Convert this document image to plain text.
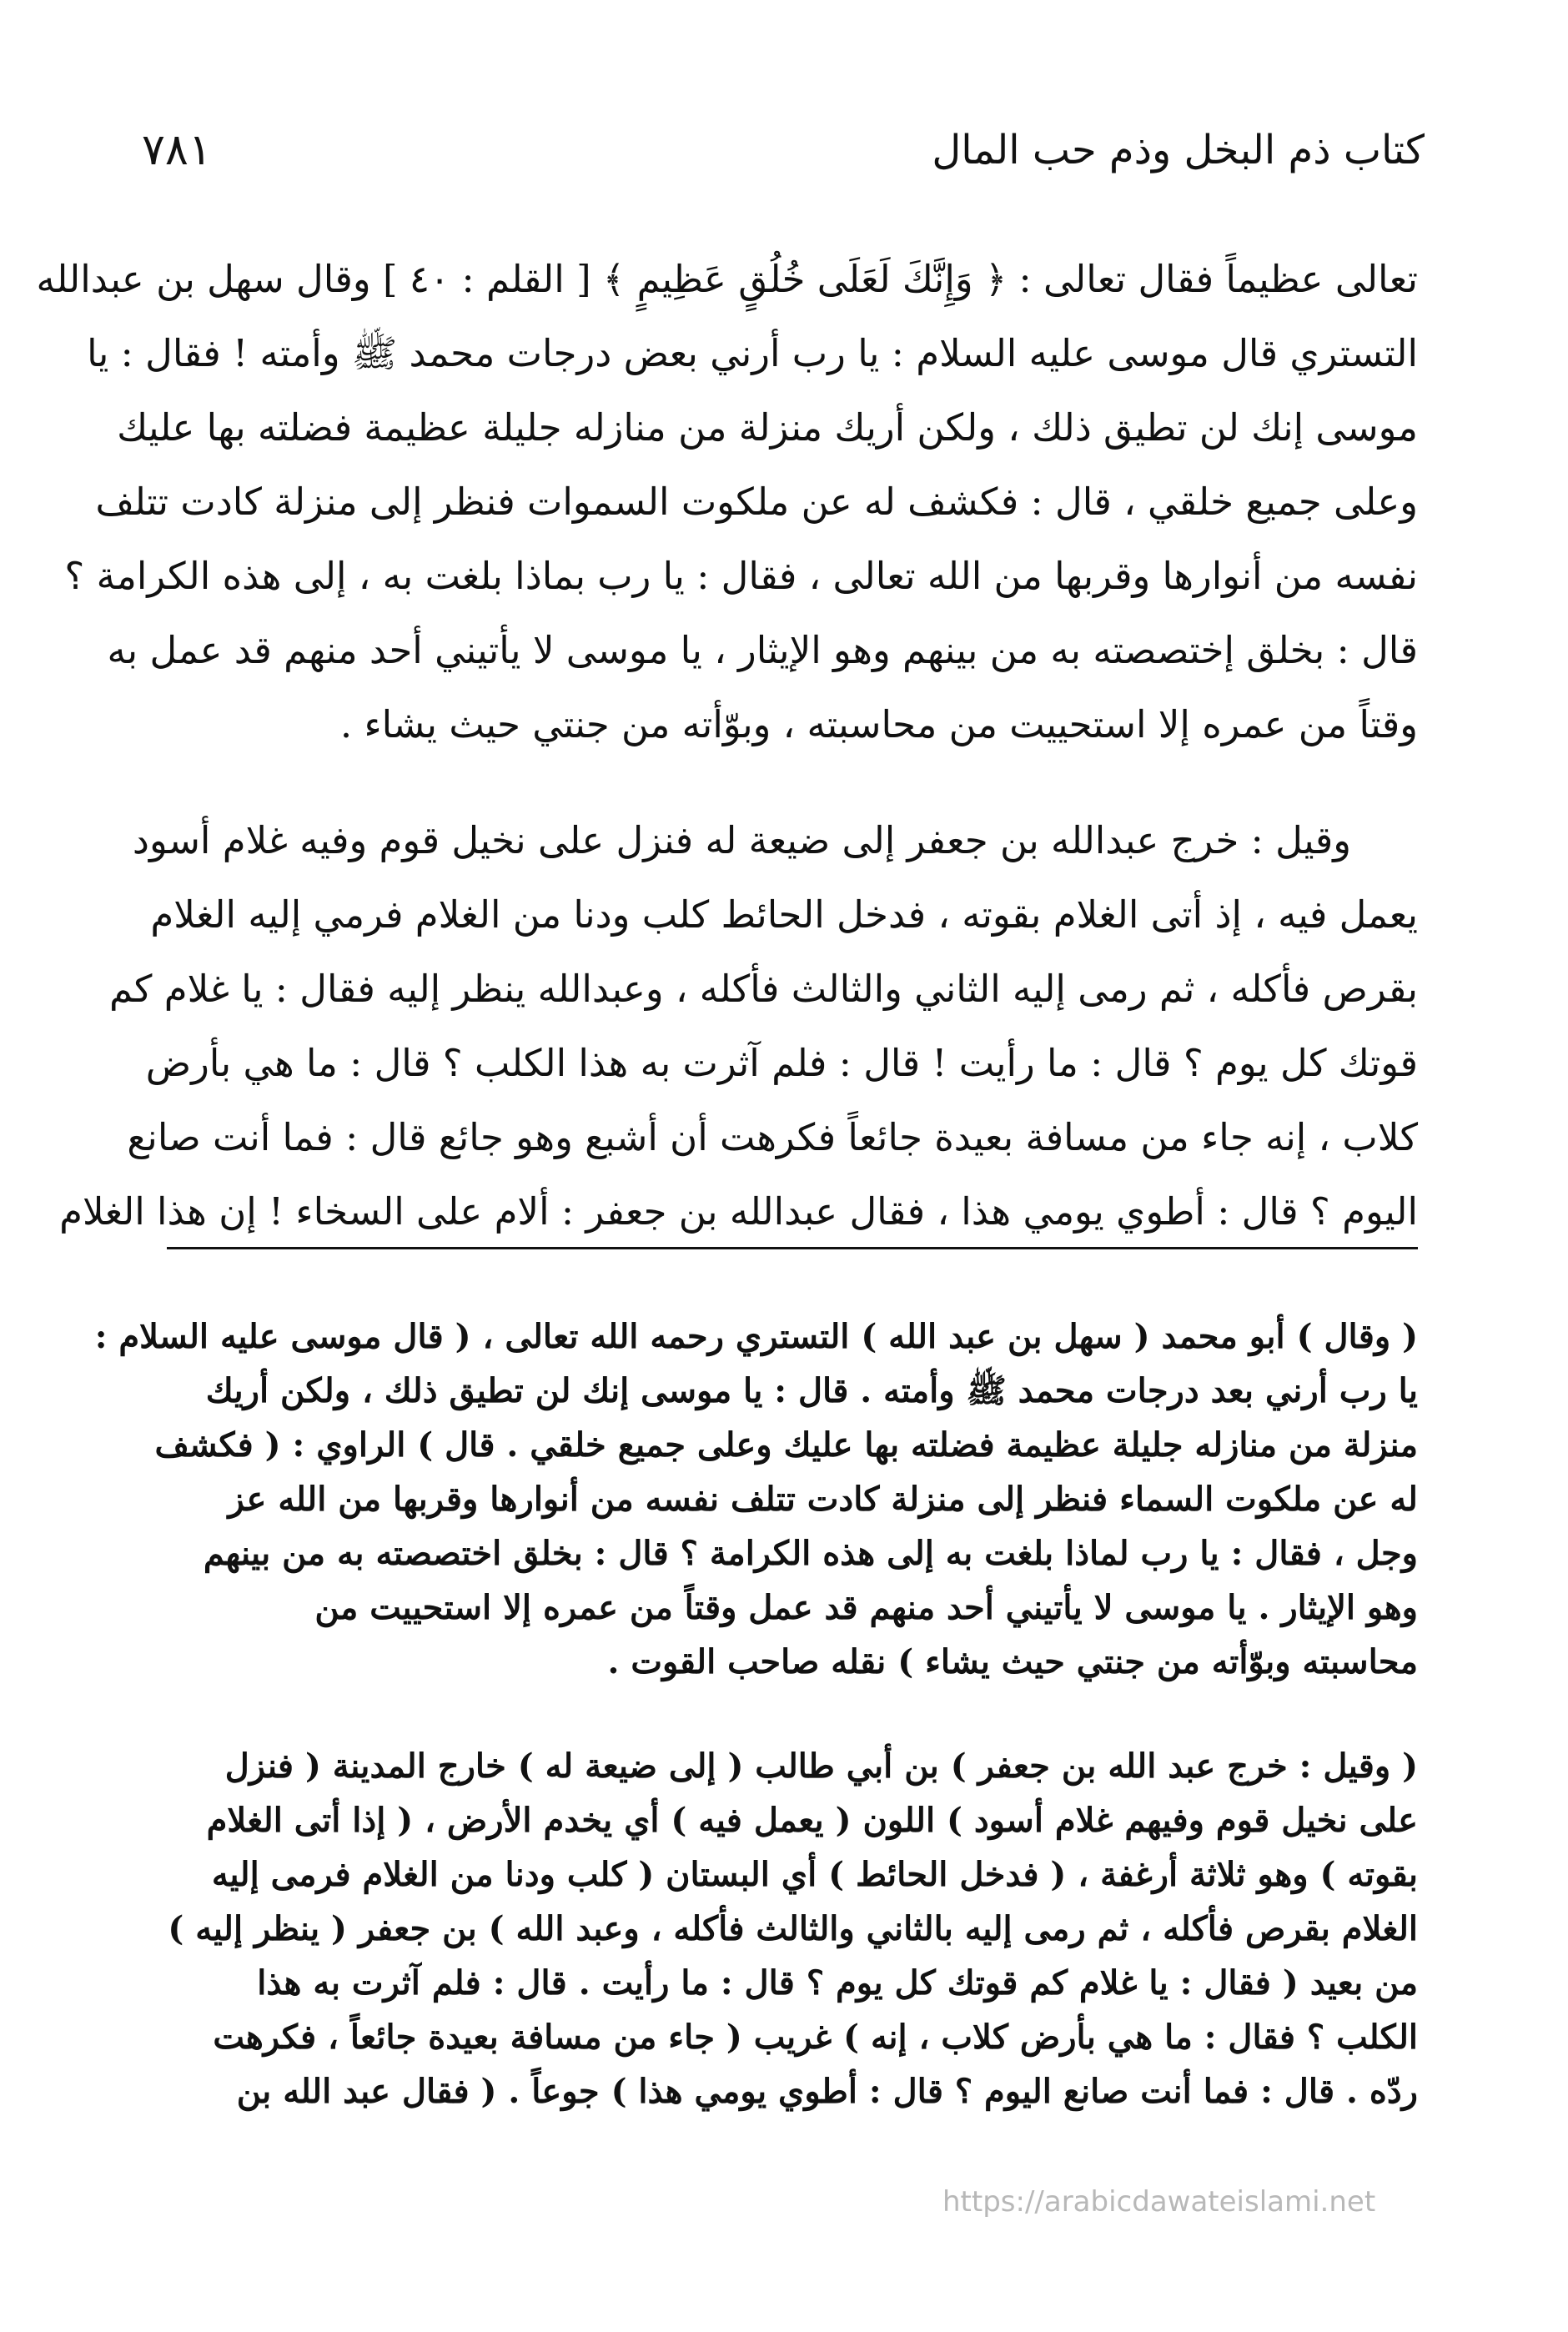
كتاب ذم البخل وذم حب المال
٧٨١
تعالى عظيماً فقال تعالى : ﴿ وَإِنَّكَ لَعَلَى خُلُقٍ عَظِيمٍ ﴾ [ القلم : ٤٠ ] وقال سهل بن عبدالله
التستري قال موسى عليه السلام : يا رب أرني بعض درجات محمد ﷺ وأمته ! فقال : يا
موسى إنك لن تطيق ذلك ، ولكن أريك منزلة من منازله جليلة عظيمة فضلته بها عليك
وعلى جميع خلقي ، قال : فكشف له عن ملكوت السموات فنظر إلى منزلة كادت تتلف
نفسه من أنوارها وقربها من الله تعالى ، فقال : يا رب بماذا بلغت به ، إلى هذه الكرامة ؟
قال : بخلق إختصصته به من بينهم وهو الإيثار ، يا موسى لا يأتيني أحد منهم قد عمل به
وقتاً من عمره إلا استحييت من محاسبته ، وبوّأته من جنتي حيث يشاء .
وقيل : خرج عبدالله بن جعفر إلى ضيعة له فنزل على نخيل قوم وفيه غلام أسود
يعمل فيه ، إذ أتى الغلام بقوته ، فدخل الحائط كلب ودنا من الغلام فرمي إليه الغلام
بقرص فأكله ، ثم رمى إليه الثاني والثالث فأكله ، وعبدالله ينظر إليه فقال : يا غلام كم
قوتك كل يوم ؟ قال : ما رأيت ! قال : فلم آثرت به هذا الكلب ؟ قال : ما هي بأرض
كلاب ، إنه جاء من مسافة بعيدة جائعاً فكرهت أن أشبع وهو جائع قال : فما أنت صانع
اليوم ؟ قال : أطوي يومي هذا ، فقال عبدالله بن جعفر : ألام على السخاء ! إن هذا الغلام
( وقال ) أبو محمد ( سهل بن عبد الله ) التستري رحمه الله تعالى ، ( قال موسى عليه السلام :
يا رب أرني بعد درجات محمد ﷺ وأمته . قال : يا موسى إنك لن تطيق ذلك ، ولكن أريك
منزلة من منازله جليلة عظيمة فضلته بها عليك وعلى جميع خلقي . قال ) الراوي : ( فكشف
له عن ملكوت السماء فنظر إلى منزلة كادت تتلف نفسه من أنوارها وقربها من الله عز
وجل ، فقال : يا رب لماذا بلغت به إلى هذه الكرامة ؟ قال : بخلق اختصصته به من بينهم
وهو الإيثار . يا موسى لا يأتيني أحد منهم قد عمل وقتاً من عمره إلا استحييت من
محاسبته وبوّأته من جنتي حيث يشاء ) نقله صاحب القوت .
( وقيل : خرج عبد الله بن جعفر ) بن أبي طالب ( إلى ضيعة له ) خارج المدينة ( فنزل
على نخيل قوم وفيهم غلام أسود ) اللون ( يعمل فيه ) أي يخدم الأرض ، ( إذا أتى الغلام
بقوته ) وهو ثلاثة أرغفة ، ( فدخل الحائط ) أي البستان ( كلب ودنا من الغلام فرمى إليه
الغلام بقرص فأكله ، ثم رمى إليه بالثاني والثالث فأكله ، وعبد الله ) بن جعفر ( ينظر إليه )
من بعيد ( فقال : يا غلام كم قوتك كل يوم ؟ قال : ما رأيت . قال : فلم آثرت به هذا
الكلب ؟ فقال : ما هي بأرض كلاب ، إنه ) غريب ( جاء من مسافة بعيدة جائعاً ، فكرهت
ردّه . قال : فما أنت صانع اليوم ؟ قال : أطوي يومي هذا ) جوعاً . ( فقال عبد الله بن
https://arabicdawateislami.net
